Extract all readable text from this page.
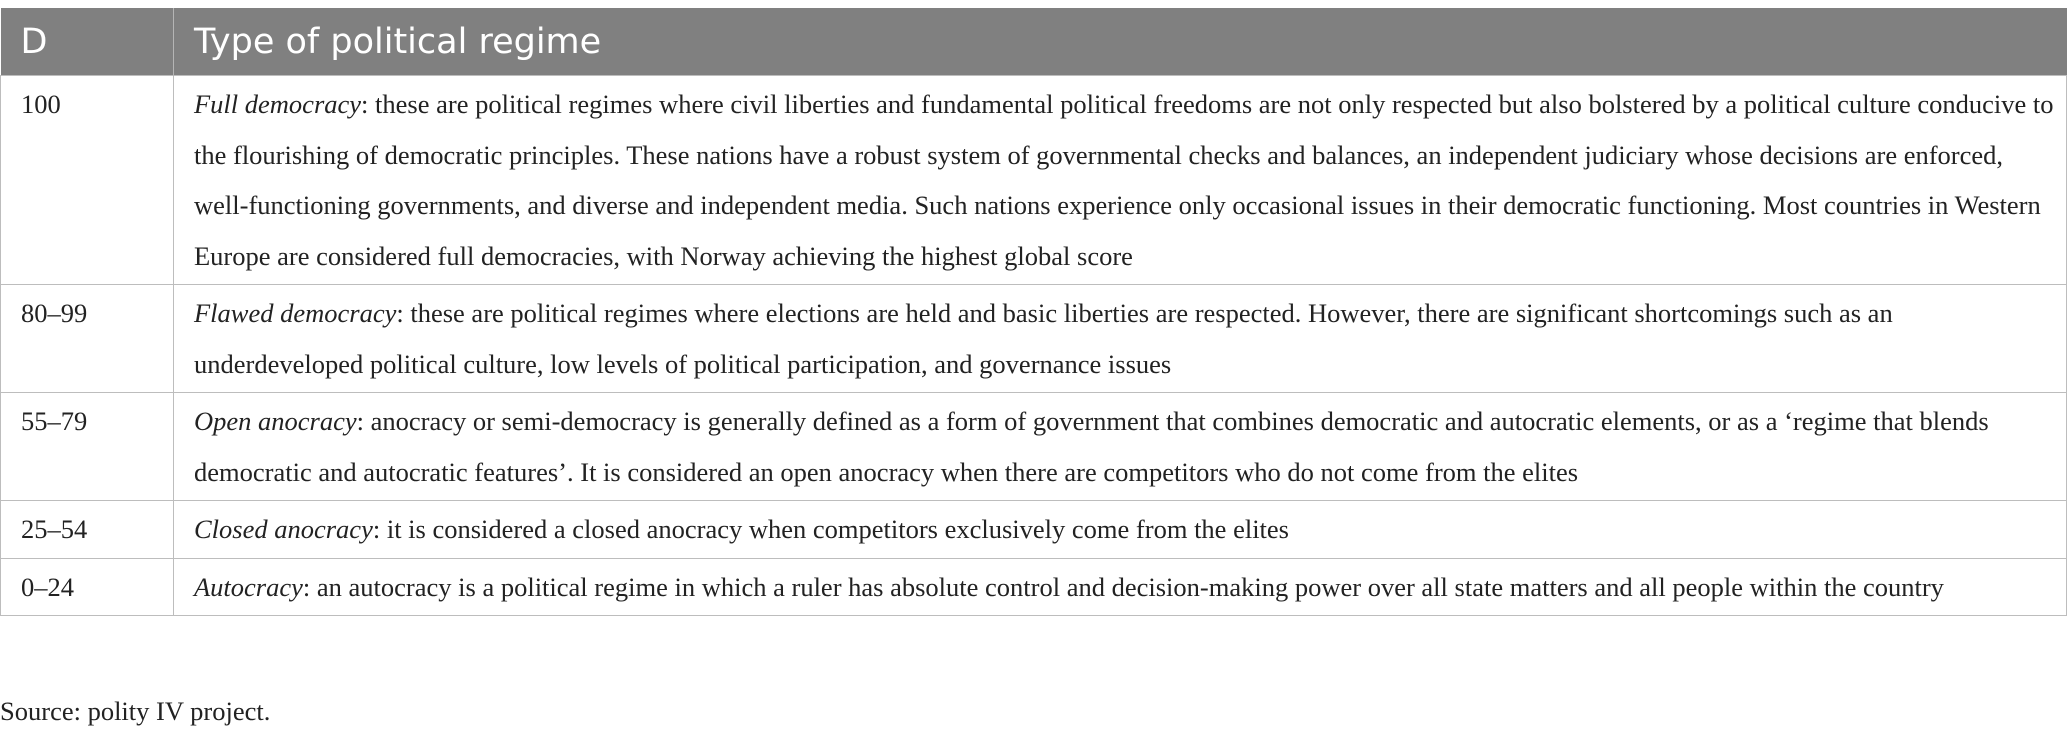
D	Type of political regime
100	Full democracy: these are political regimes where civil liberties and fundamental political freedoms are not only respected but also bolstered by a political culture conducive to the flourishing of democratic principles. These nations have a robust system of governmental checks and balances, an independent judiciary whose decisions are enforced, well-functioning governments, and diverse and independent media. Such nations experience only occasional issues in their democratic functioning. Most countries in Western Europe are considered full democracies, with Norway achieving the highest global score
80–99	Flawed democracy: these are political regimes where elections are held and basic liberties are respected. However, there are significant shortcomings such as an underdeveloped political culture, low levels of political participation, and governance issues
55–79	Open anocracy: anocracy or semi-democracy is generally defined as a form of government that combines democratic and autocratic elements, or as a ‘regime that blends democratic and autocratic features’. It is considered an open anocracy when there are competitors who do not come from the elites
25–54	Closed anocracy: it is considered a closed anocracy when competitors exclusively come from the elites
0–24	Autocracy: an autocracy is a political regime in which a ruler has absolute control and decision-making power over all state matters and all people within the country
Source: polity IV project.
